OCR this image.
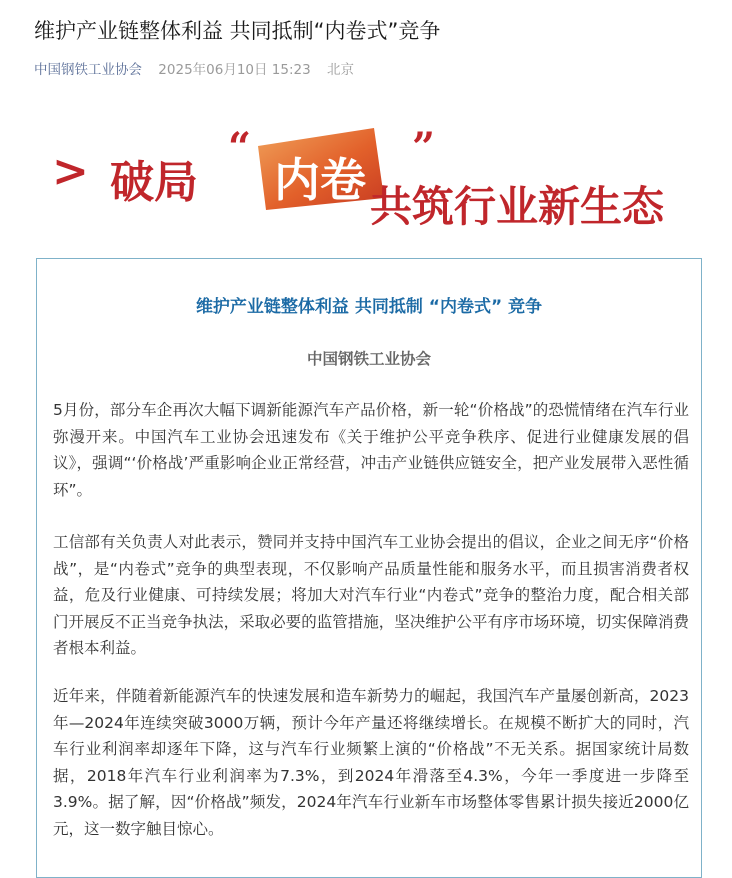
维护产业链整体利益 共同抵制“内卷式”竞争
中国钢铁工业协会 2025年06月10日 15:23 北京
> 破局
“
内卷
”
共筑行业新生态
维护产业链整体利益 共同抵制 “内卷式” 竞争
中国钢铁工业协会

5月份，部分车企再次大幅下调新能源汽车产品价格，新一轮“价格战”的恐慌情绪在汽车行业弥漫开来。中国汽车工业协会迅速发布《关于维护公平竞争秩序、促进行业健康发展的倡议》，强调“‘价格战’严重影响企业正常经营，冲击产业链供应链安全，把产业发展带入恶性循环”。

工信部有关负责人对此表示，赞同并支持中国汽车工业协会提出的倡议，企业之间无序“价格战”，是“内卷式”竞争的典型表现，不仅影响产品质量性能和服务水平，而且损害消费者权益，危及行业健康、可持续发展；将加大对汽车行业“内卷式”竞争的整治力度，配合相关部门开展反不正当竞争执法，采取必要的监管措施，坚决维护公平有序市场环境，切实保障消费者根本利益。

近年来，伴随着新能源汽车的快速发展和造车新势力的崛起，我国汽车产量屡创新高，2023年—2024年连续突破3000万辆，预计今年产量还将继续增长。在规模不断扩大的同时，汽车行业利润率却逐年下降，这与汽车行业频繁上演的“价格战”不无关系。据国家统计局数据，2018年汽车行业利润率为7.3%，到2024年滑落至4.3%，今年一季度进一步降至3.9%。据了解，因“价格战”频发，2024年汽车行业新车市场整体零售累计损失接近2000亿元，这一数字触目惊心。
